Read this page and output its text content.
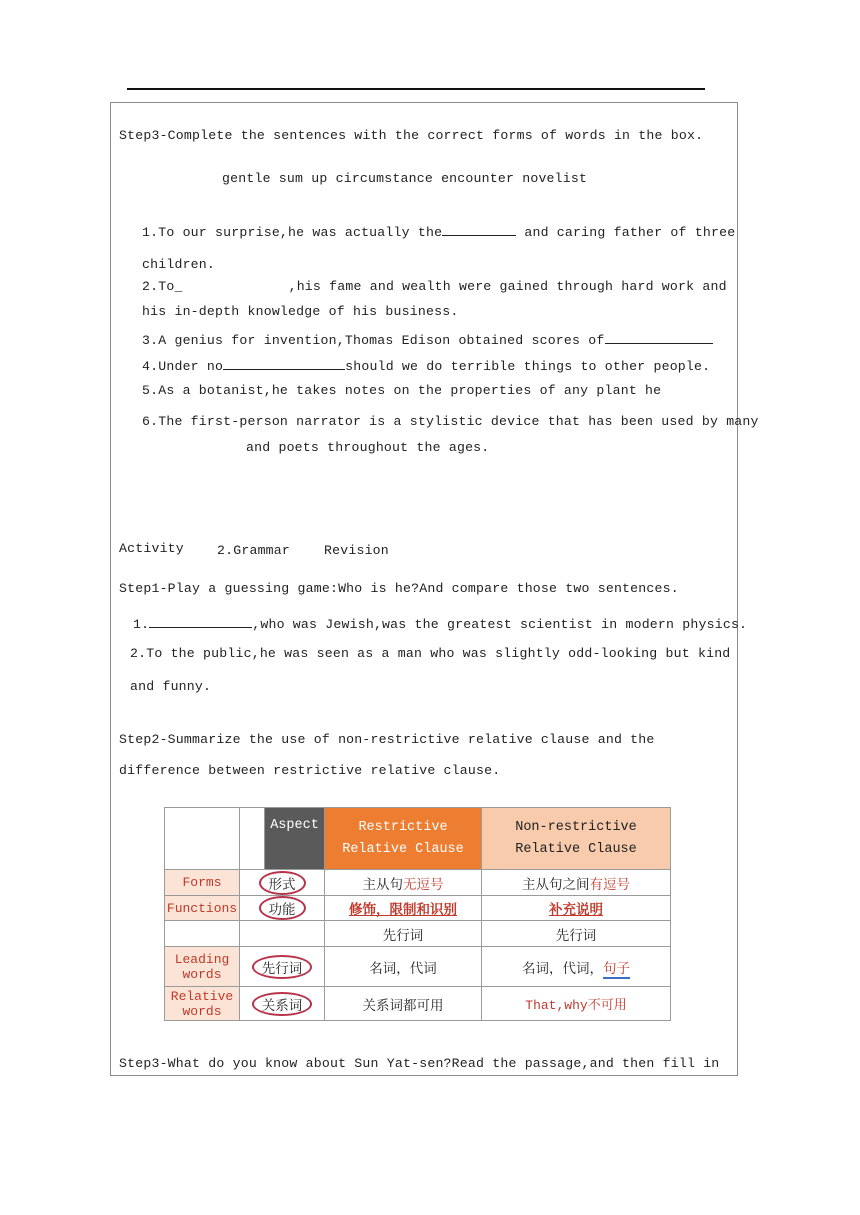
Step3-Complete the sentences with the correct forms of words in the box.
gentle sum up circumstance encounter novelist
1.To our surprise,he was actually the	and caring father of three
children.
2.To_	,his fame and wealth were gained through hard work and
his in-depth knowledge of his business.
3.A genius for invention,Thomas Edison obtained scores of
4.Under no	should we do terrible things to other people.
5.As a botanist,he takes notes on the properties of any plant he
6.The first-person narrator is a stylistic device that has been used by many
and poets throughout the ages.
Activity	2.Grammar	Revision
Step1-Play a guessing game:Who is he?And compare those two sentences.
1.	,who was Jewish,was the greatest scientist in modern physics.
2.To the public,he was seen as a man who was slightly odd-looking but kind
and funny.
Step2-Summarize the use of non-restrictive relative clause and the
difference between restrictive relative clause.
		Aspect	Restrictive Relative Clause	Non-restrictive Relative Clause
Forms	形式		主从句无逗号	主从句之间有逗号
Functions	功能		修饰，限制和识别	补充说明
			先行词	先行词
Leading words	先行词		名词，代词	名词，代词，句子
Relative words	关系词		关系词都可用	That,why不可用
Step3-What do you know about Sun Yat-sen?Read the passage,and then fill in
